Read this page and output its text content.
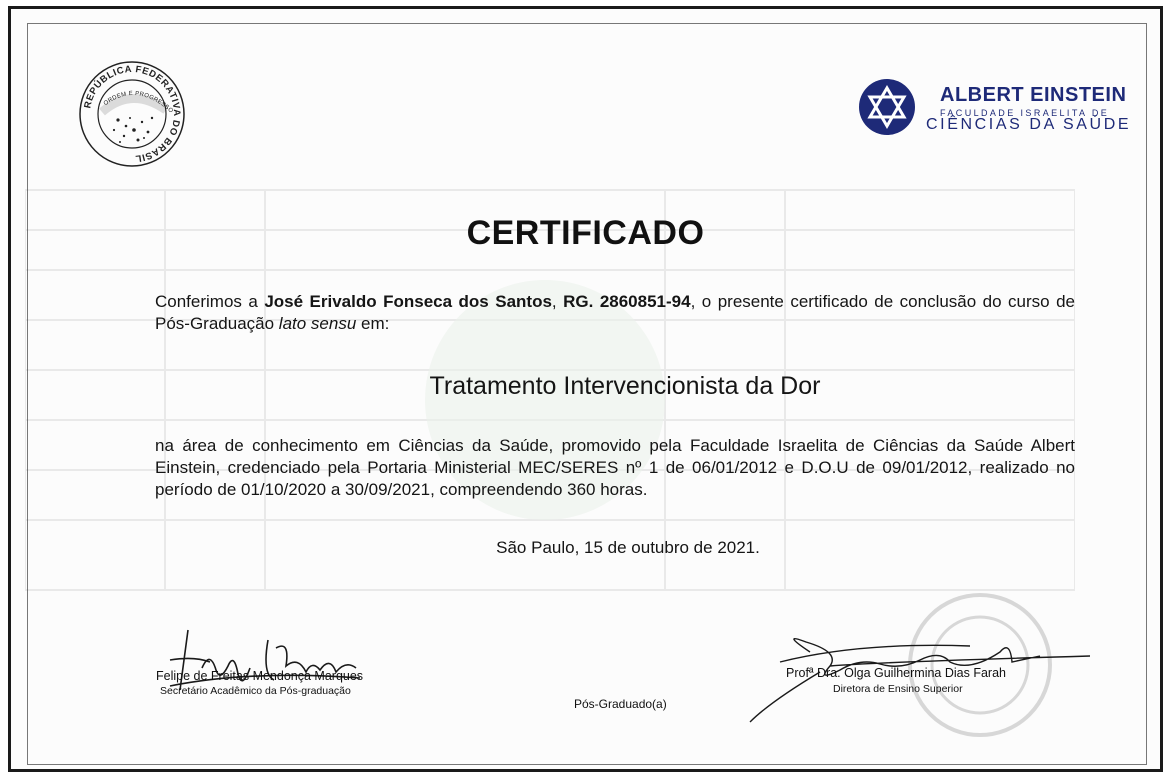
REPÚBLICA FEDERATIVA DO BRASIL
ORDEM E PROGRESSO
ALBERT EINSTEIN
FACULDADE ISRAELITA DE
CIÊNCIAS DA SAÚDE
CERTIFICADO
Conferimos a José Erivaldo Fonseca dos Santos, RG. 2860851-94, o presente certificado de conclusão do curso de Pós-Graduação lato sensu em:
Tratamento Intervencionista da Dor
na área de conhecimento em Ciências da Saúde, promovido pela Faculdade Israelita de Ciências da Saúde Albert Einstein, credenciado pela Portaria Ministerial MEC/SERES nº 1 de 06/01/2012 e D.O.U de 09/01/2012, realizado no período de 01/10/2020 a 30/09/2021, compreendendo 360 horas.
São Paulo, 15 de outubro de 2021.
Felipe de Freitas Mendonça Marques
Secretário Acadêmico da Pós-graduação
Pós-Graduado(a)
Profª Dra. Olga Guilhermina Dias Farah
Diretora de Ensino Superior
